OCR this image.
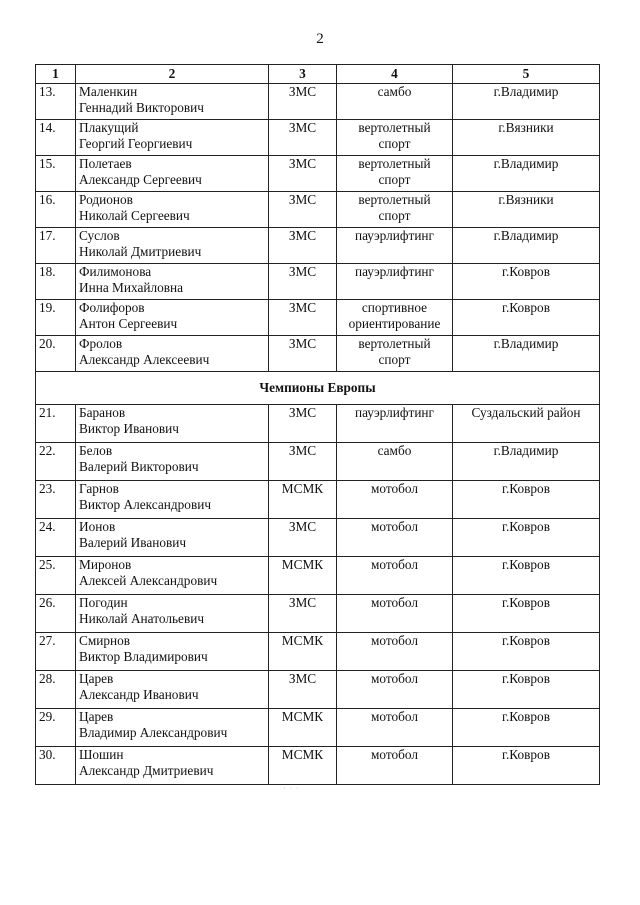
2
1	2	3	4	5
13.	Маленкин
Геннадий Викторович	ЗМС	самбо	г.Владимир
14.	Плакущий
Георгий Георгиевич	ЗМС	вертолетный
спорт	г.Вязники
15.	Полетаев
Александр Сергеевич	ЗМС	вертолетный
спорт	г.Владимир
16.	Родионов
Николай Сергеевич	ЗМС	вертолетный
спорт	г.Вязники
17.	Суслов
Николай Дмитриевич	ЗМС	пауэрлифтинг	г.Владимир
18.	Филимонова
Инна Михайловна	ЗМС	пауэрлифтинг	г.Ковров
19.	Фолифоров
Антон Сергеевич	ЗМС	спортивное
ориентирование	г.Ковров
20.	Фролов
Александр Алексеевич	ЗМС	вертолетный
спорт	г.Владимир
Чемпионы Европы				
21.	Баранов
Виктор Иванович	ЗМС	пауэрлифтинг	Суздальский район
22.	Белов
Валерий Викторович	ЗМС	самбо	г.Владимир
23.	Гарнов
Виктор Александрович	МСМК	мотобол	г.Ковров
24.	Ионов
Валерий Иванович	ЗМС	мотобол	г.Ковров
25.	Миронов
Алексей Александрович	МСМК	мотобол	г.Ковров
26.	Погодин
Николай Анатольевич	ЗМС	мотобол	г.Ковров
27.	Смирнов
Виктор Владимирович	МСМК	мотобол	г.Ковров
28.	Царев
Александр Иванович	ЗМС	мотобол	г.Ковров
29.	Царев
Владимир Александрович	МСМК	мотобол	г.Ковров
30.	Шошин
Александр Дмитриевич	МСМК	мотобол	г.Ковров
· · ·
